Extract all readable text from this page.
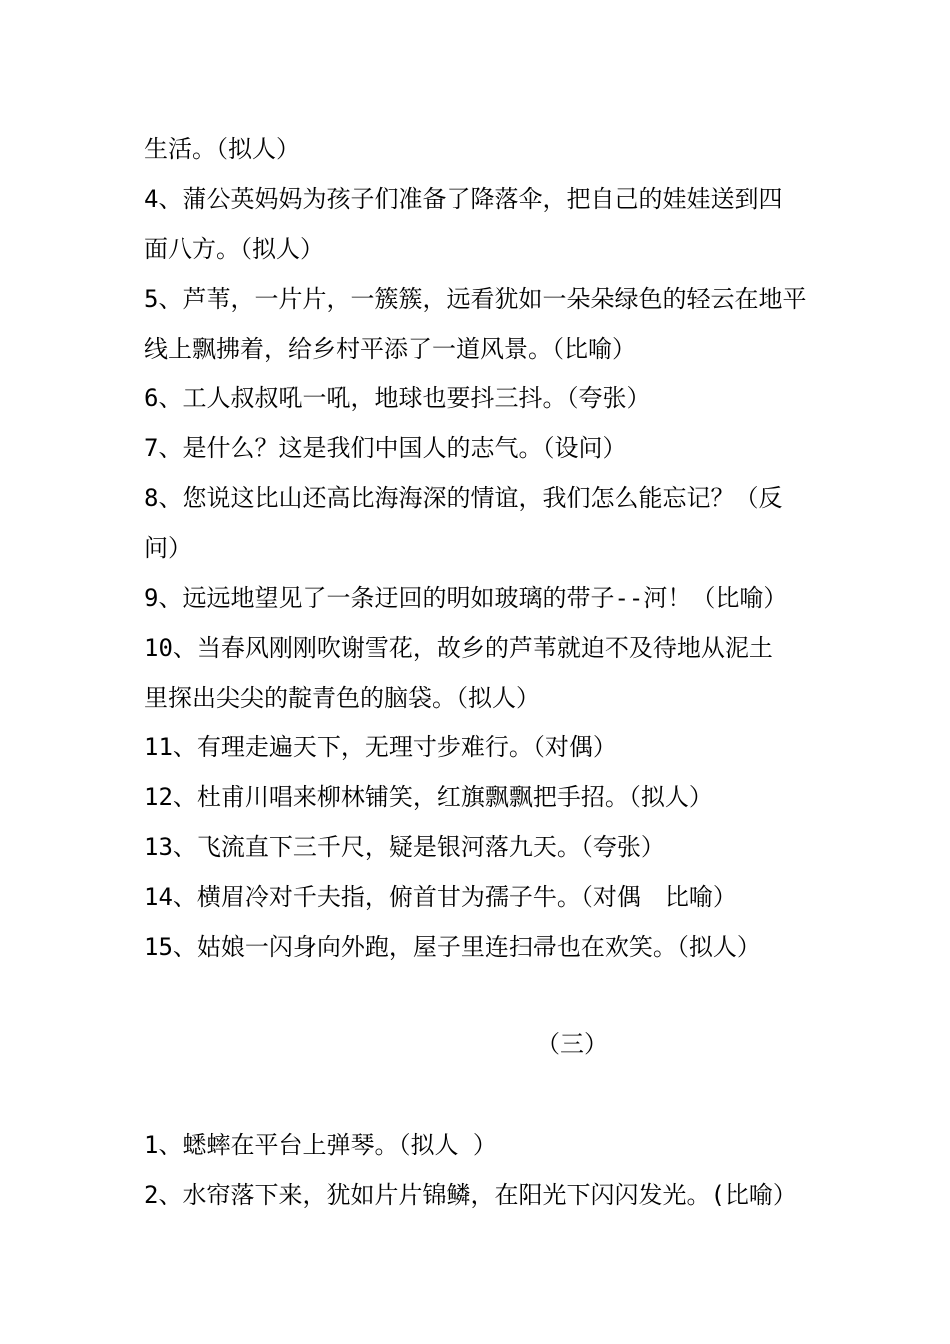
生活。（拟人）
4、蒲公英妈妈为孩子们准备了降落伞，把自己的娃娃送到四
面八方。（拟人）
5、芦苇，一片片，一簇簇，远看犹如一朵朵绿色的轻云在地平
线上飘拂着，给乡村平添了一道风景。（比喻）
6、工人叔叔吼一吼，地球也要抖三抖。（夸张）
7、是什么？这是我们中国人的志气。（设问）
8、您说这比山还高比海海深的情谊，我们怎么能忘记？（反
问）
9、远远地望见了一条迂回的明如玻璃的带子--河！（比喻）
10、当春风刚刚吹谢雪花，故乡的芦苇就迫不及待地从泥土
里探出尖尖的靛青色的脑袋。（拟人）
11、有理走遍天下，无理寸步难行。（对偶）
12、杜甫川唱来柳林铺笑，红旗飘飘把手招。（拟人）
13、飞流直下三千尺，疑是银河落九天。（夸张）
14、横眉冷对千夫指，俯首甘为孺子牛。（对偶　比喻）
15、姑娘一闪身向外跑，屋子里连扫帚也在欢笑。（拟人）
（三）
1、蟋蟀在平台上弹琴。（拟人 ）
2、水帘落下来，犹如片片锦鳞，在阳光下闪闪发光。(比喻）
